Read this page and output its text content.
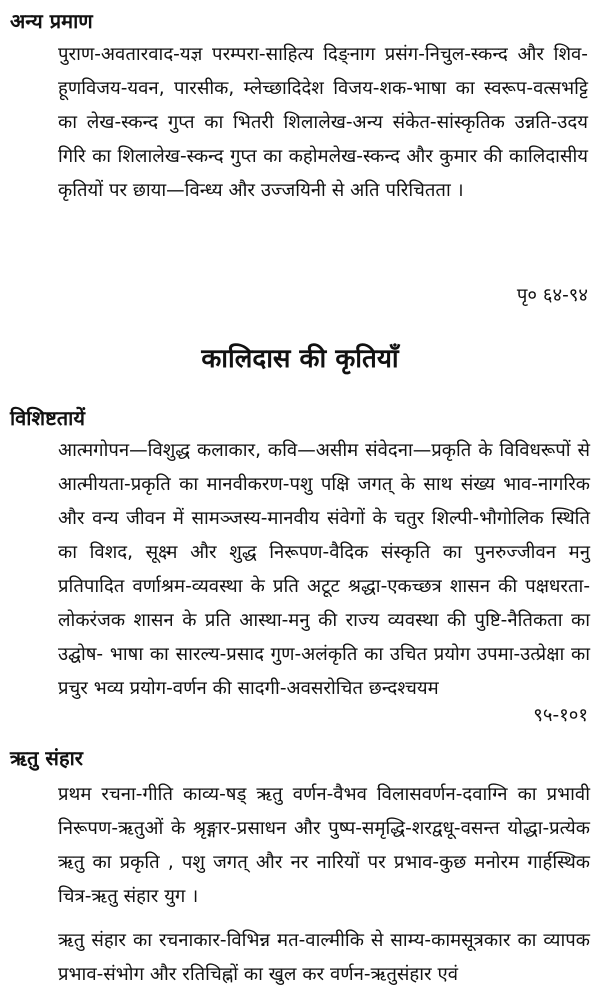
अन्य प्रमाण

पुराण-अवतारवाद-यज्ञ परम्परा-साहित्य दिङ्नाग प्रसंग-निचुल-स्कन्द और शिव-हूणविजय-यवन, पारसीक, म्लेच्छादिदेश विजय-शक-भाषा का स्वरूप-वत्सभट्टि का लेख-स्कन्द गुप्त का भितरी शिलालेख-अन्य संकेत-सांस्कृतिक उन्नति-उदय गिरि का शिलालेख-स्कन्द गुप्त का कहोमलेख-स्कन्द और कुमार की कालिदासीय कृतियों पर छाया—विन्ध्य और उज्जयिनी से अति परिचितता ।

पृ० ६४-९४
कालिदास की कृतियाँ
विशिष्टतायें

आत्मगोपन—विशुद्ध कलाकार, कवि—असीम संवेदना—प्रकृति के विविधरूपों से आत्मीयता-प्रकृति का मानवीकरण-पशु पक्षि जगत् के साथ संख्य भाव-नागरिक और वन्य जीवन में सामञ्जस्य-मानवीय संवेगों के चतुर शिल्पी-भौगोलिक स्थिति का विशद, सूक्ष्म और शुद्ध निरूपण-वैदिक संस्कृति का पुनरुज्जीवन मनु प्रतिपादित वर्णाश्रम-व्यवस्था के प्रति अटूट श्रद्धा-एकच्छत्र शासन की पक्षधरता-लोकरंजक शासन के प्रति आस्था-मनु की राज्य व्यवस्था की पुष्टि-नैतिकता का उद्घोष- भाषा का सारल्य-प्रसाद गुण-अलंकृति का उचित प्रयोग उपमा-उत्प्रेक्षा का प्रचुर भव्य प्रयोग-वर्णन की सादगी-अवसरोचित छन्दश्चयम

९५-१०१
ऋतु संहार

प्रथम रचना-गीति काव्य-षड् ऋतु वर्णन-वैभव विलासवर्णन-दवाग्नि का प्रभावी निरूपण-ऋतुओं के श्रृङ्गार-प्रसाधन और पुष्प-समृद्धि-शरद्वधू-वसन्त योद्धा-प्रत्येक ऋतु का प्रकृति , पशु जगत् और नर नारियों पर प्रभाव-कुछ मनोरम गार्हस्थिक चित्र-ऋतु संहार युग ।

ऋतु संहार का रचनाकार-विभिन्न मत-वाल्मीकि से साम्य-कामसूत्रकार का व्यापक प्रभाव-संभोग और रतिचिह्नों का खुल कर वर्णन-ऋतुसंहार एवं
